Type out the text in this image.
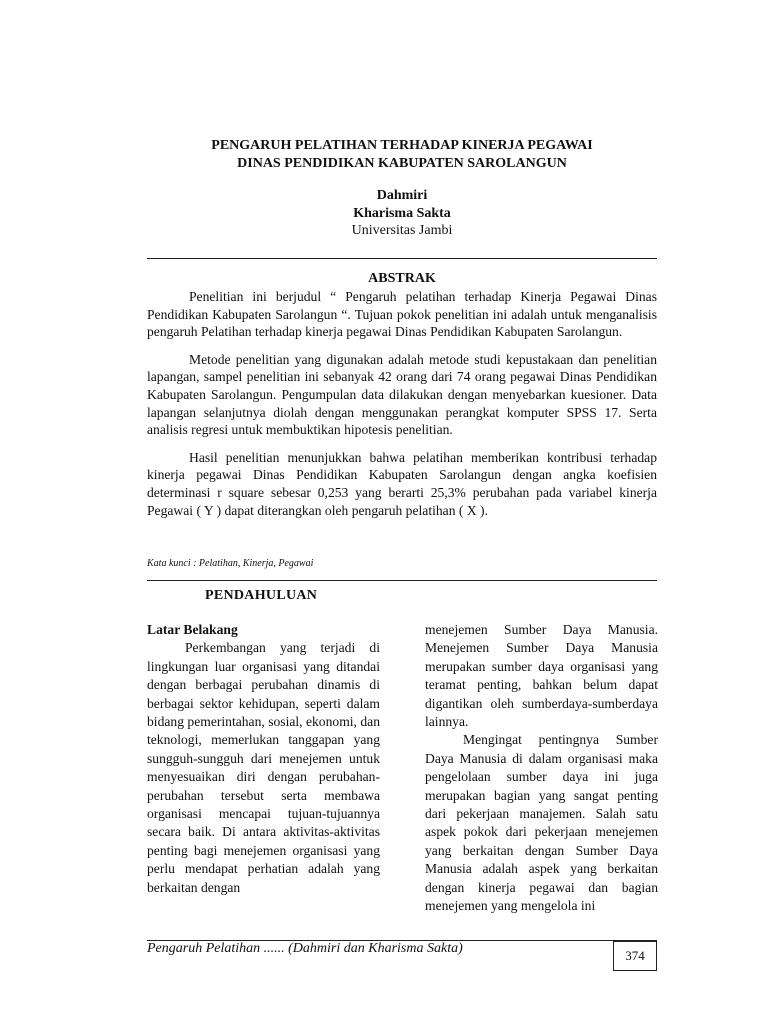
PENGARUH PELATIHAN TERHADAP KINERJA PEGAWAI
DINAS PENDIDIKAN KABUPATEN SAROLANGUN
Dahmiri
Kharisma Sakta
Universitas Jambi
ABSTRAK

Penelitian ini berjudul “ Pengaruh pelatihan terhadap Kinerja Pegawai Dinas Pendidikan Kabupaten Sarolangun “. Tujuan pokok penelitian ini adalah untuk menganalisis pengaruh Pelatihan terhadap kinerja pegawai Dinas Pendidikan Kabupaten Sarolangun.

Metode penelitian yang digunakan adalah metode studi kepustakaan dan penelitian lapangan, sampel penelitian ini sebanyak 42 orang dari 74 orang pegawai Dinas Pendidikan Kabupaten Sarolangun. Pengumpulan data dilakukan dengan menyebarkan kuesioner. Data lapangan selanjutnya diolah dengan menggunakan perangkat komputer SPSS 17. Serta analisis regresi untuk membuktikan hipotesis penelitian.

Hasil penelitian menunjukkan bahwa pelatihan memberikan kontribusi terhadap kinerja pegawai Dinas Pendidikan Kabupaten Sarolangun dengan angka koefisien determinasi r square sebesar 0,253 yang berarti 25,3% perubahan pada variabel kinerja Pegawai ( Y ) dapat diterangkan oleh pengaruh pelatihan ( X ).

Kata kunci : Pelatihan, Kinerja, Pegawai
PENDAHULUAN

Latar Belakang

Perkembangan yang terjadi di lingkungan luar organisasi yang ditandai dengan berbagai perubahan dinamis di berbagai sektor kehidupan, seperti dalam bidang pemerintahan, sosial, ekonomi, dan teknologi, memerlukan tanggapan yang sungguh-sungguh dari menejemen untuk menyesuaikan diri dengan perubahan-perubahan tersebut serta membawa organisasi mencapai tujuan-tujuannya secara baik. Di antara aktivitas-aktivitas penting bagi menejemen organisasi yang perlu mendapat perhatian adalah yang berkaitan dengan

menejemen Sumber Daya Manusia. Menejemen Sumber Daya Manusia merupakan sumber daya organisasi yang teramat penting, bahkan belum dapat digantikan oleh sumberdaya-sumberdaya lainnya.

Mengingat pentingnya Sumber Daya Manusia di dalam organisasi maka pengelolaan sumber daya ini juga merupakan bagian yang sangat penting dari pekerjaan manajemen. Salah satu aspek pokok dari pekerjaan menejemen yang berkaitan dengan Sumber Daya Manusia adalah aspek yang berkaitan dengan kinerja pegawai dan bagian menejemen yang mengelola ini

Pengaruh Pelatihan ...... (Dahmiri dan Kharisma Sakta)	374
